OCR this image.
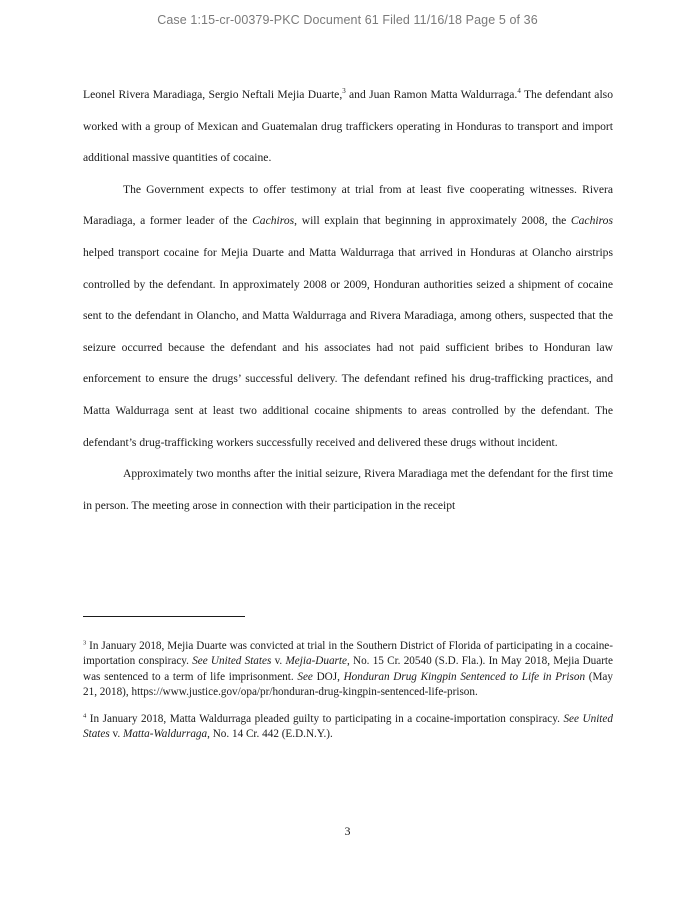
Case 1:15-cr-00379-PKC Document 61 Filed 11/16/18 Page 5 of 36

Leonel Rivera Maradiaga, Sergio Neftali Mejia Duarte,$^3$ and Juan Ramon Matta Waldurraga.$^4$ The defendant also worked with a group of Mexican and Guatemalan drug traffickers operating in Honduras to transport and import additional massive quantities of cocaine.

The Government expects to offer testimony at trial from at least five cooperating witnesses. Rivera Maradiaga, a former leader of the Cachiros, will explain that beginning in approximately 2008, the Cachiros helped transport cocaine for Mejia Duarte and Matta Waldurraga that arrived in Honduras at Olancho airstrips controlled by the defendant. In approximately 2008 or 2009, Honduran authorities seized a shipment of cocaine sent to the defendant in Olancho, and Matta Waldurraga and Rivera Maradiaga, among others, suspected that the seizure occurred because the defendant and his associates had not paid sufficient bribes to Honduran law enforcement to ensure the drugs’ successful delivery. The defendant refined his drug-trafficking practices, and Matta Waldurraga sent at least two additional cocaine shipments to areas controlled by the defendant. The defendant’s drug-trafficking workers successfully received and delivered these drugs without incident.

Approximately two months after the initial seizure, Rivera Maradiaga met the defendant for the first time in person. The meeting arose in connection with their participation in the receipt

$^3$ In January 2018, Mejia Duarte was convicted at trial in the Southern District of Florida of participating in a cocaine-importation conspiracy. See United States v. Mejia-Duarte, No. 15 Cr. 20540 (S.D. Fla.). In May 2018, Mejia Duarte was sentenced to a term of life imprisonment. See DOJ, Honduran Drug Kingpin Sentenced to Life in Prison (May 21, 2018), https://www.justice.gov/opa/pr/honduran-drug-kingpin-sentenced-life-prison.

$^4$ In January 2018, Matta Waldurraga pleaded guilty to participating in a cocaine-importation conspiracy. See United States v. Matta-Waldurraga, No. 14 Cr. 442 (E.D.N.Y.).

3
